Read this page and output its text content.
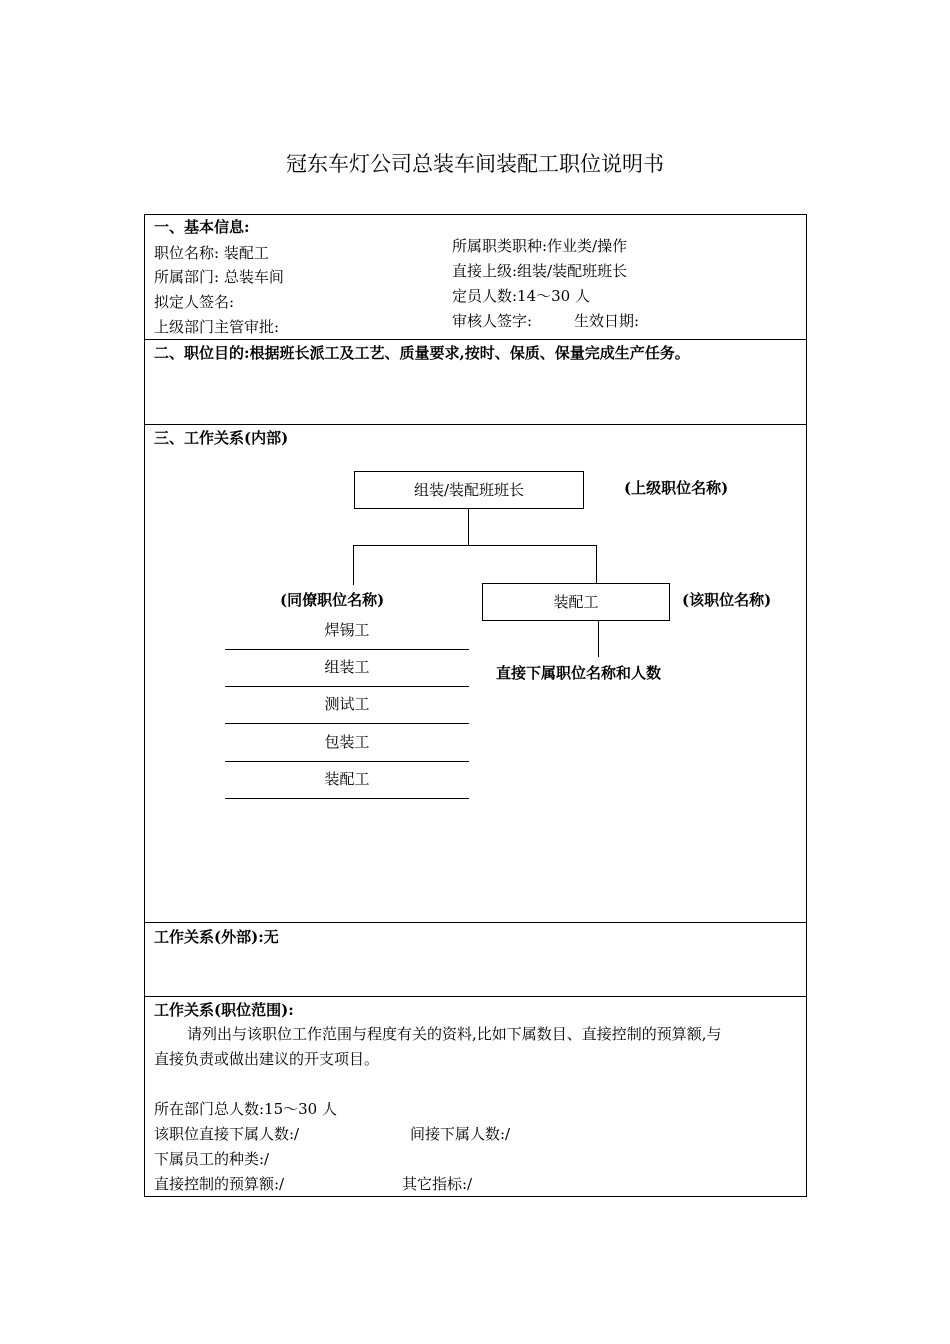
冠东车灯公司总装车间装配工职位说明书
一、基本信息:
职位名称: 装配工
所属部门: 总装车间
拟定人签名:
上级部门主管审批:
所属职类职种:作业类/操作
直接上级:组装/装配班班长
定员人数:14～30 人
审核人签字:	生效日期:
二、职位目的:根据班长派工及工艺、质量要求,按时、保质、保量完成生产任务。
三、工作关系(内部)
组装/装配班班长	(上级职位名称)
装配工	(该职位名称)
(同僚职位名称)
直接下属职位名称和人数
焊锡工
组装工
测试工
包装工
装配工
工作关系(外部):无
工作关系(职位范围):
请列出与该职位工作范围与程度有关的资料,比如下属数目、直接控制的预算额,与
直接负责或做出建议的开支项目。
所在部门总人数:15～30 人
该职位直接下属人数:/	间接下属人数:/
下属员工的种类:/
直接控制的预算额:/	其它指标:/
